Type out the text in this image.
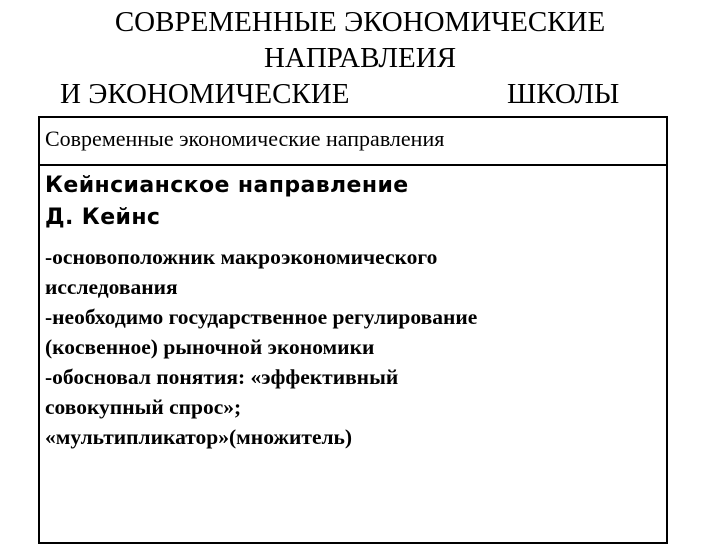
СОВРЕМЕННЫЕ ЭКОНОМИЧЕСКИЕ
НАПРАВЛЕИЯ
И ЭКОНОМИЧЕСКИЕ	ШКОЛЫ
Современные экономические направления
Кейнсианское направление
Д. Кейнс
-основоположник макроэкономического
исследования
-необходимо государственное регулирование
(косвенное) рыночной экономики
-обосновал понятия: «эффективный
совокупный спрос»;
«мультипликатор»(множитель)
